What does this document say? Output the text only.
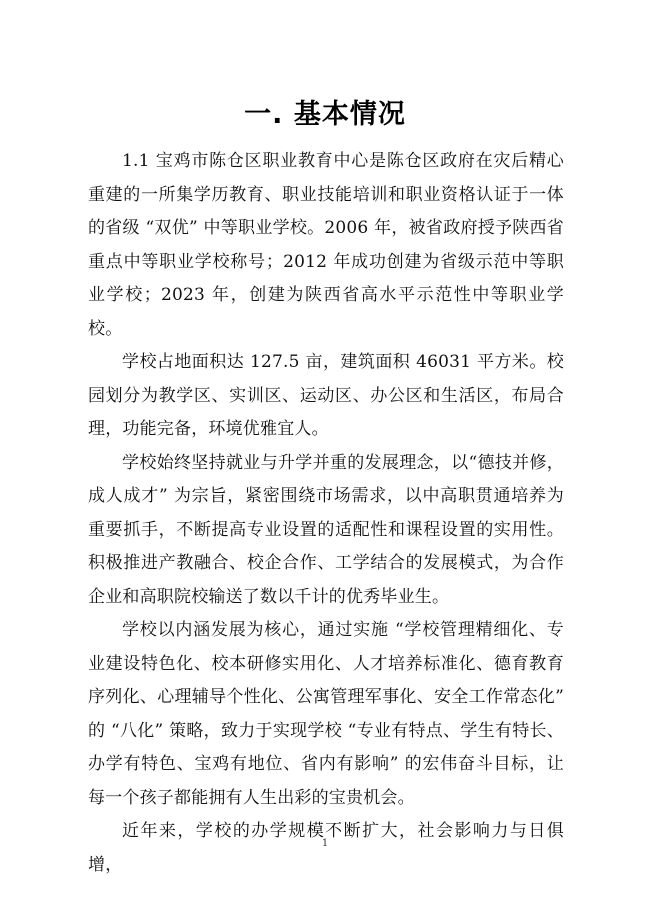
一. 基本情况

1.1 宝鸡市陈仓区职业教育中心是陈仓区政府在灾后精心重建的一所集学历教育、职业技能培训和职业资格认证于一体的省级 “双优” 中等职业学校。2006 年，被省政府授予陕西省重点中等职业学校称号；2012 年成功创建为省级示范中等职业学校；2023 年，创建为陕西省高水平示范性中等职业学校。

学校占地面积达 127.5 亩，建筑面积 46031 平方米。校园划分为教学区、实训区、运动区、办公区和生活区，布局合理，功能完备，环境优雅宜人。

学校始终坚持就业与升学并重的发展理念，以“德技并修，成人成才” 为宗旨，紧密围绕市场需求，以中高职贯通培养为重要抓手，不断提高专业设置的适配性和课程设置的实用性。积极推进产教融合、校企合作、工学结合的发展模式，为合作企业和高职院校输送了数以千计的优秀毕业生。

学校以内涵发展为核心，通过实施 “学校管理精细化、专业建设特色化、校本研修实用化、人才培养标准化、德育教育序列化、心理辅导个性化、公寓管理军事化、安全工作常态化” 的 “八化” 策略，致力于实现学校 “专业有特点、学生有特长、办学有特色、宝鸡有地位、省内有影响” 的宏伟奋斗目标，让每一个孩子都能拥有人生出彩的宝贵机会。

近年来，学校的办学规模不断扩大，社会影响力与日俱增，

1
